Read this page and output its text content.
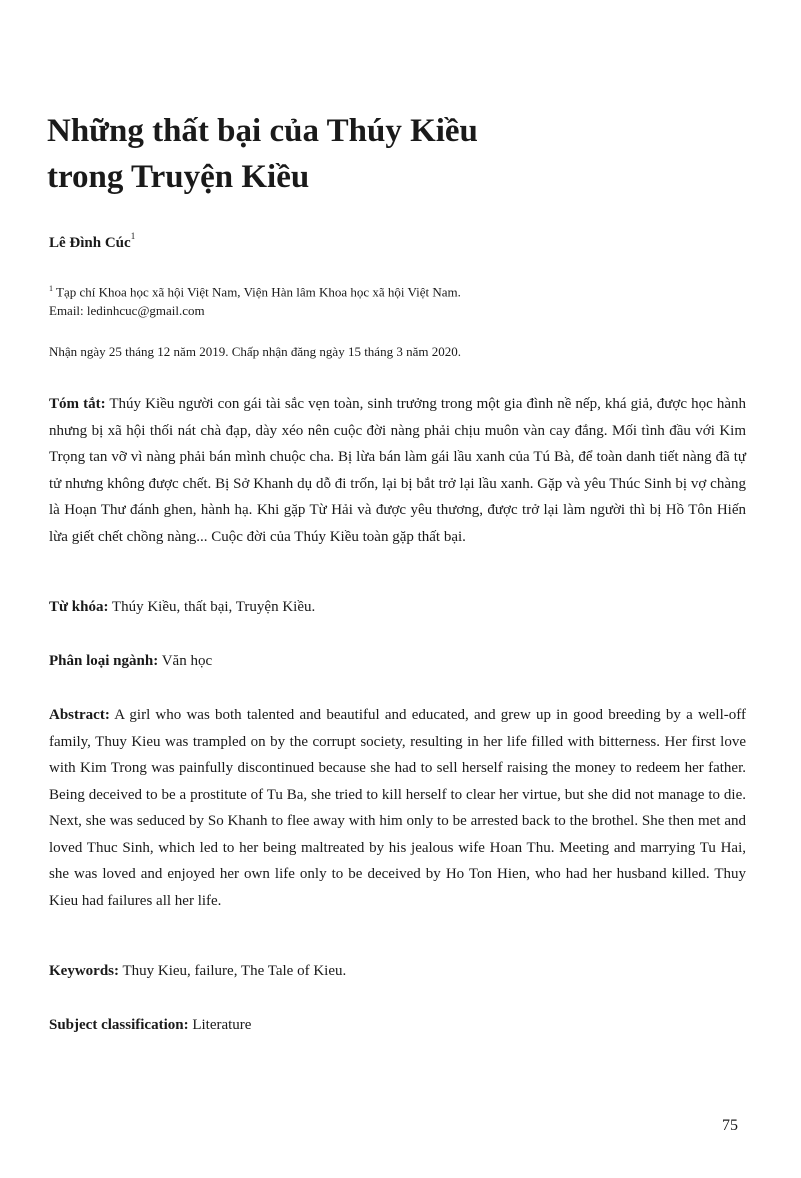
Những thất bại của Thúy Kiều
trong Truyện Kiều
Lê Đình Cúc$^1$
$^1$ Tạp chí Khoa học xã hội Việt Nam, Viện Hàn lâm Khoa học xã hội Việt Nam.
Email: ledinhcuc@gmail.com
Nhận ngày 25 tháng 12 năm 2019. Chấp nhận đăng ngày 15 tháng 3 năm 2020.

Tóm tắt: Thúy Kiều người con gái tài sắc vẹn toàn, sinh trưởng trong một gia đình nề nếp, khá giả, được học hành nhưng bị xã hội thối nát chà đạp, dày xéo nên cuộc đời nàng phải chịu muôn vàn cay đắng. Mối tình đầu với Kim Trọng tan vỡ vì nàng phải bán mình chuộc cha. Bị lừa bán làm gái lầu xanh của Tú Bà, để toàn danh tiết nàng đã tự tử nhưng không được chết. Bị Sở Khanh dụ dỗ đi trốn, lại bị bắt trở lại lầu xanh. Gặp và yêu Thúc Sinh bị vợ chàng là Hoạn Thư đánh ghen, hành hạ. Khi gặp Từ Hải và được yêu thương, được trở lại làm người thì bị Hồ Tôn Hiến lừa giết chết chồng nàng... Cuộc đời của Thúy Kiều toàn gặp thất bại.

Từ khóa: Thúy Kiều, thất bại, Truyện Kiều.
Phân loại ngành: Văn học

Abstract: A girl who was both talented and beautiful and educated, and grew up in good breeding by a well-off family, Thuy Kieu was trampled on by the corrupt society, resulting in her life filled with bitterness. Her first love with Kim Trong was painfully discontinued because she had to sell herself raising the money to redeem her father. Being deceived to be a prostitute of Tu Ba, she tried to kill herself to clear her virtue, but she did not manage to die. Next, she was seduced by So Khanh to flee away with him only to be arrested back to the brothel. She then met and loved Thuc Sinh, which led to her being maltreated by his jealous wife Hoan Thu. Meeting and marrying Tu Hai, she was loved and enjoyed her own life only to be deceived by Ho Ton Hien, who had her husband killed. Thuy Kieu had failures all her life.

Keywords: Thuy Kieu, failure, The Tale of Kieu.
Subject classification: Literature
75
